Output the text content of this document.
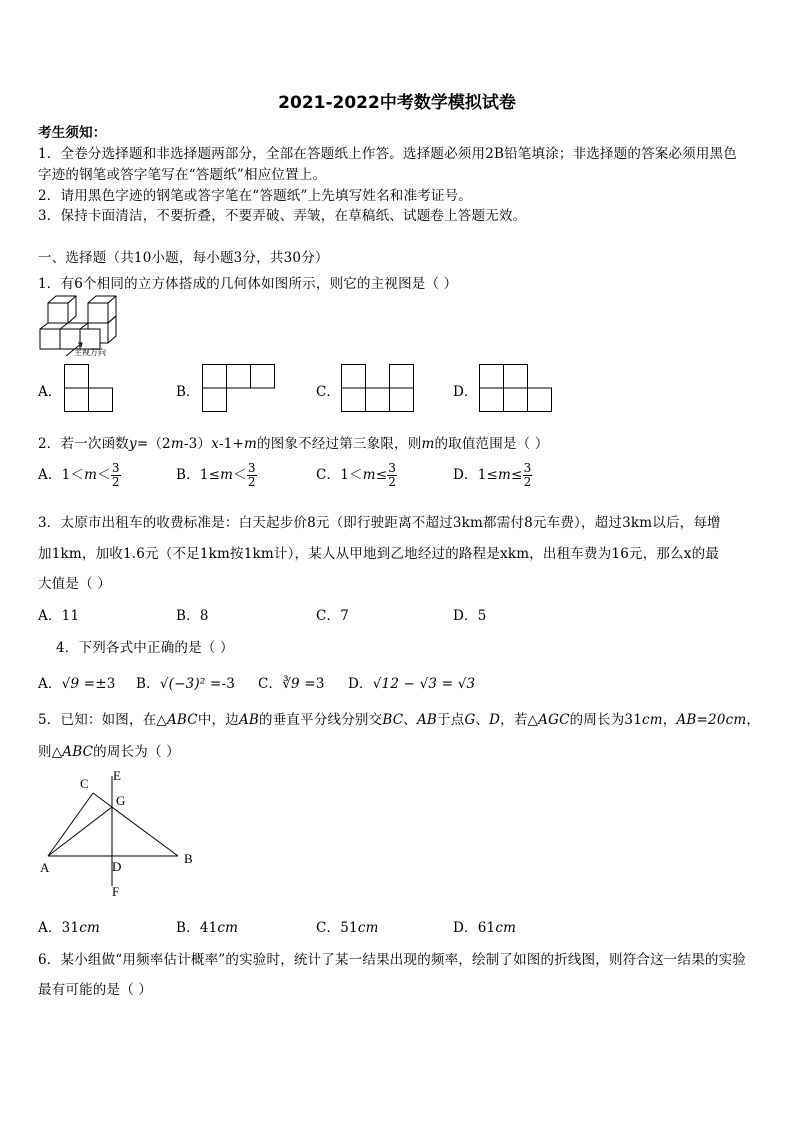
2021-2022中考数学模拟试卷
考生须知：
1．全卷分选择题和非选择题两部分，全部在答题纸上作答。选择题必须用2B铅笔填涂；非选择题的答案必须用黑色
字迹的钢笔或答字笔写在“答题纸”相应位置上。
2．请用黑色字迹的钢笔或答字笔在“答题纸”上先填写姓名和准考证号。
3．保持卡面清洁，不要折叠，不要弄破、弄皱，在草稿纸、试题卷上答题无效。
一、选择题（共10小题，每小题3分，共30分）
1．有6个相同的立方体搭成的几何体如图所示，则它的主视图是（ ）
主视方向
A．	B．	C．	D．
2．若一次函数y=（2m-3）x-1+m的图象不经过第三象限，则m的取值范围是（ ）
A．$1<m< \frac{3}{2}$	B．$1\le m< \frac{3}{2}$	C．$1<m\le \frac{3}{2}$	D．$1\le m\le \frac{3}{2}$
3．太原市出租车的收费标准是：白天起步价8元（即行驶距离不超过3km都需付8元车费），超过3km以后，每增
加1km，加收1.6元（不足1km按1km计），某人从甲地到乙地经过的路程是xkm，出租车费为16元，那么x的最
大值是（ ）
A．11	B．8	C．7	D．5
4．下列各式中正确的是（ ）
A．√9 =±3 B．√(−3)² =-3 C．∛9 =3 D．√12 − √3 = √3
5．已知：如图，在△ABC中，边AB的垂直平分线分别交BC、AB于点G、D，若△AGC的周长为31cm，AB=20cm，
则△ABC的周长为（ ）
C
E
G
A	D
B
F
A．31cm	B．41cm	C．51cm	D．61cm
6．某小组做“用频率估计概率”的实验时，统计了某一结果出现的频率，绘制了如图的折线图，则符合这一结果的实验
最有可能的是（ ）
